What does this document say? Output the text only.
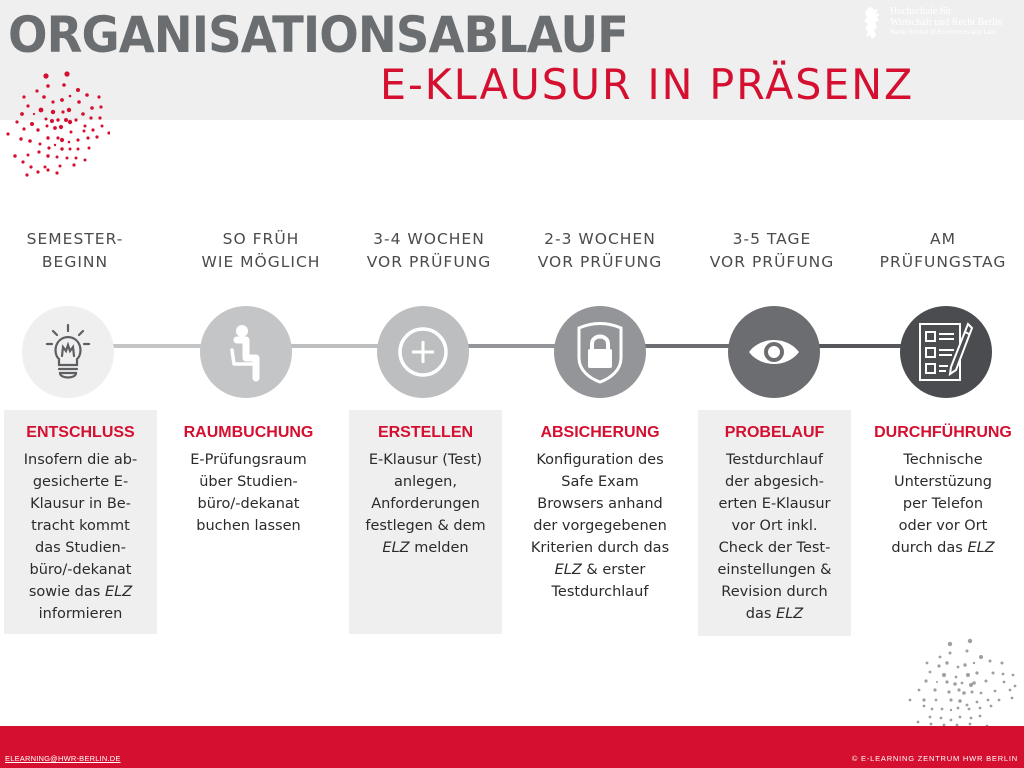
ORGANISATIONSABLAUF
E-KLAUSUR IN PRÄSENZ
Hochschule für
Wirtschaft und Recht Berlin
Berlin School of Economics and Law
SEMESTER-
BEGINN
SO FRÜH
WIE MÖGLICH
3-4 WOCHEN
VOR PRÜFUNG
2-3 WOCHEN
VOR PRÜFUNG
3-5 TAGE
VOR PRÜFUNG
AM
PRÜFUNGSTAG
ENTSCHLUSS
Insofern die ab-
gesicherte E-
Klausur in Be-
tracht kommt
das Studien-
büro/-dekanat
sowie das ELZ
informieren
RAUMBUCHUNG
E-Prüfungsraum
über Studien-
büro/-dekanat
buchen lassen
ERSTELLEN
E-Klausur (Test)
anlegen,
Anforderungen
festlegen & dem
ELZ melden
ABSICHERUNG
Konfiguration des
Safe Exam
Browsers anhand
der vorgegebenen
Kriterien durch das
ELZ & erster
Testdurchlauf
PROBELAUF
Testdurchlauf
der abgesich-
erten E-Klausur
vor Ort inkl.
Check der Test-
einstellungen &
Revision durch
das ELZ
DURCHFÜHRUNG
Technische
Unterstüzung
per Telefon
oder vor Ort
durch das ELZ
ELEARNING@HWR-BERLIN.DE	© E-LEARNING ZENTRUM HWR BERLIN
